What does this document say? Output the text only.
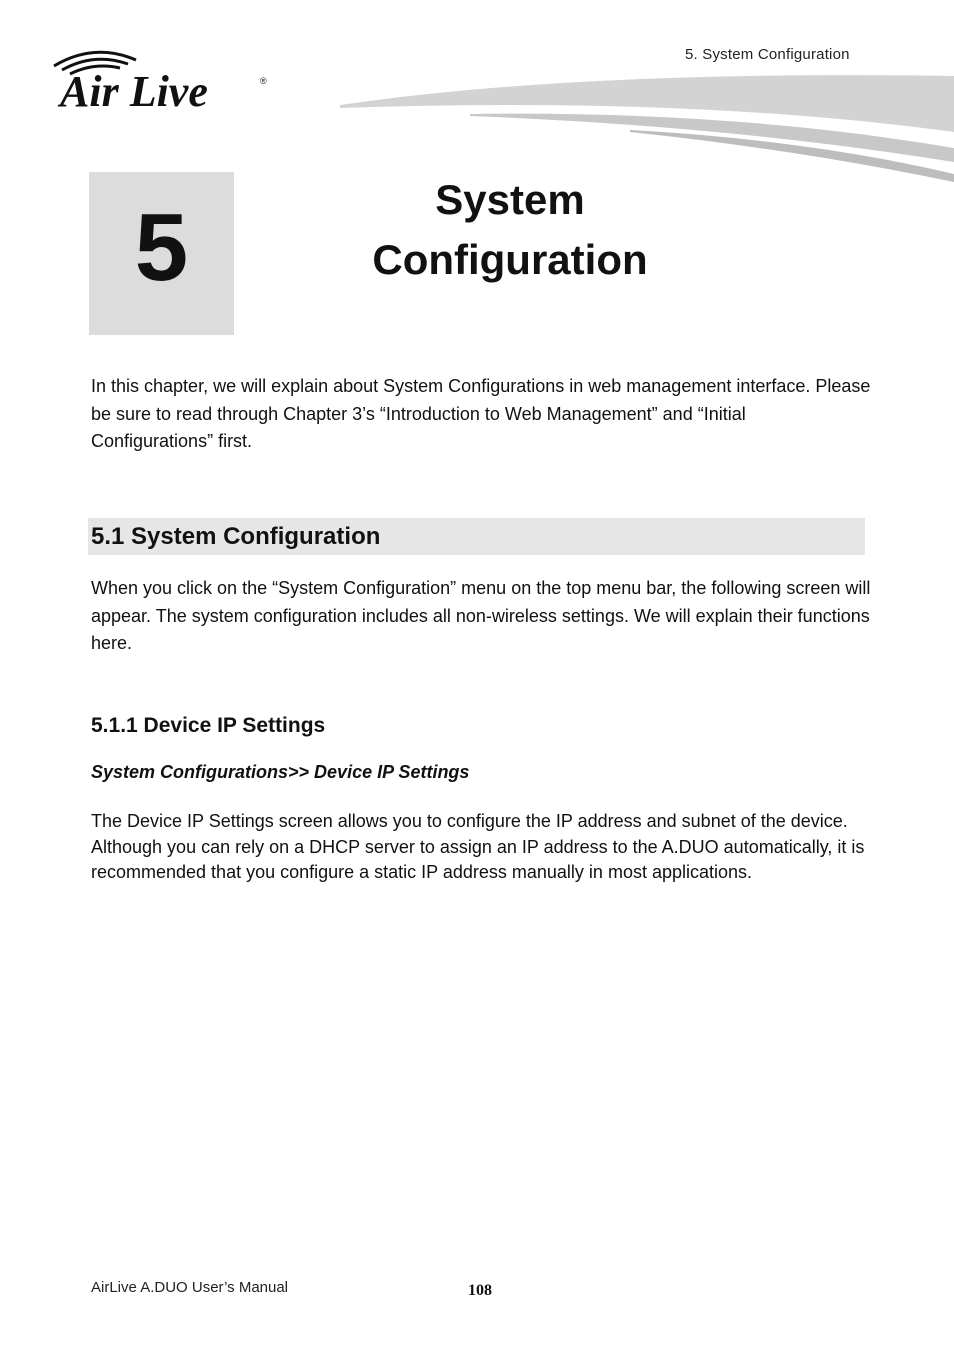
5. System Configuration
Air Live	®
5	System
Configuration
In this chapter, we will explain about System Configurations in web management interface. Please be sure to read through Chapter 3’s “Introduction to Web Management” and “Initial Configurations” first.
5.1 System Configuration
When you click on the “System Configuration” menu on the top menu bar, the following screen will appear. The system configuration includes all non-wireless settings. We will explain their functions here.
5.1.1 Device IP Settings
System Configurations>> Device IP Settings
The Device IP Settings screen allows you to configure the IP address and subnet of the device. Although you can rely on a DHCP server to assign an IP address to the A.DUO automatically, it is recommended that you configure a static IP address manually in most applications.
AirLive A.DUO User’s Manual	108
